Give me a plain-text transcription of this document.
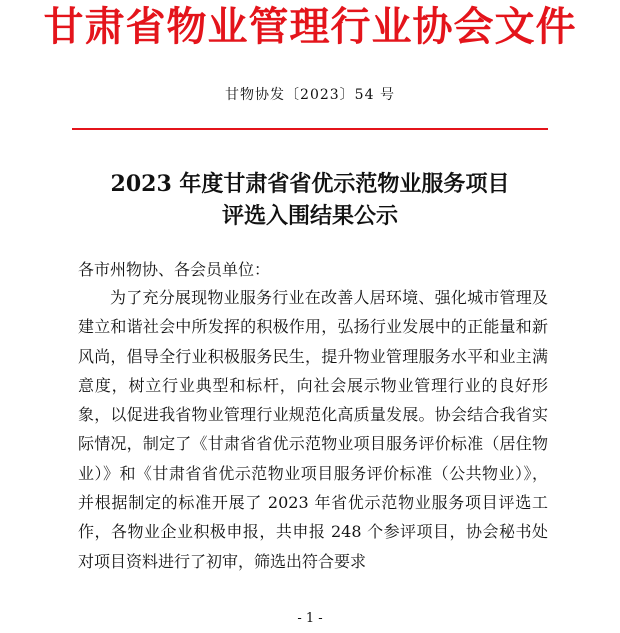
甘肃省物业管理行业协会文件
甘物协发〔2023〕54 号
2023 年度甘肃省省优示范物业服务项目
评选入围结果公示
各市州物协、各会员单位：

为了充分展现物业服务行业在改善人居环境、强化城市管理及建立和谐社会中所发挥的积极作用，弘扬行业发展中的正能量和新风尚，倡导全行业积极服务民生，提升物业管理服务水平和业主满意度，树立行业典型和标杆，向社会展示物业管理行业的良好形象，以促进我省物业管理行业规范化高质量发展。协会结合我省实际情况，制定了《甘肃省省优示范物业项目服务评价标准（居住物业）》和《甘肃省省优示范物业项目服务评价标准（公共物业）》，并根据制定的标准开展了 2023 年省优示范物业服务项目评选工作，各物业企业积极申报，共申报 248 个参评项目，协会秘书处对项目资料进行了初审，筛选出符合要求

- 1 -
